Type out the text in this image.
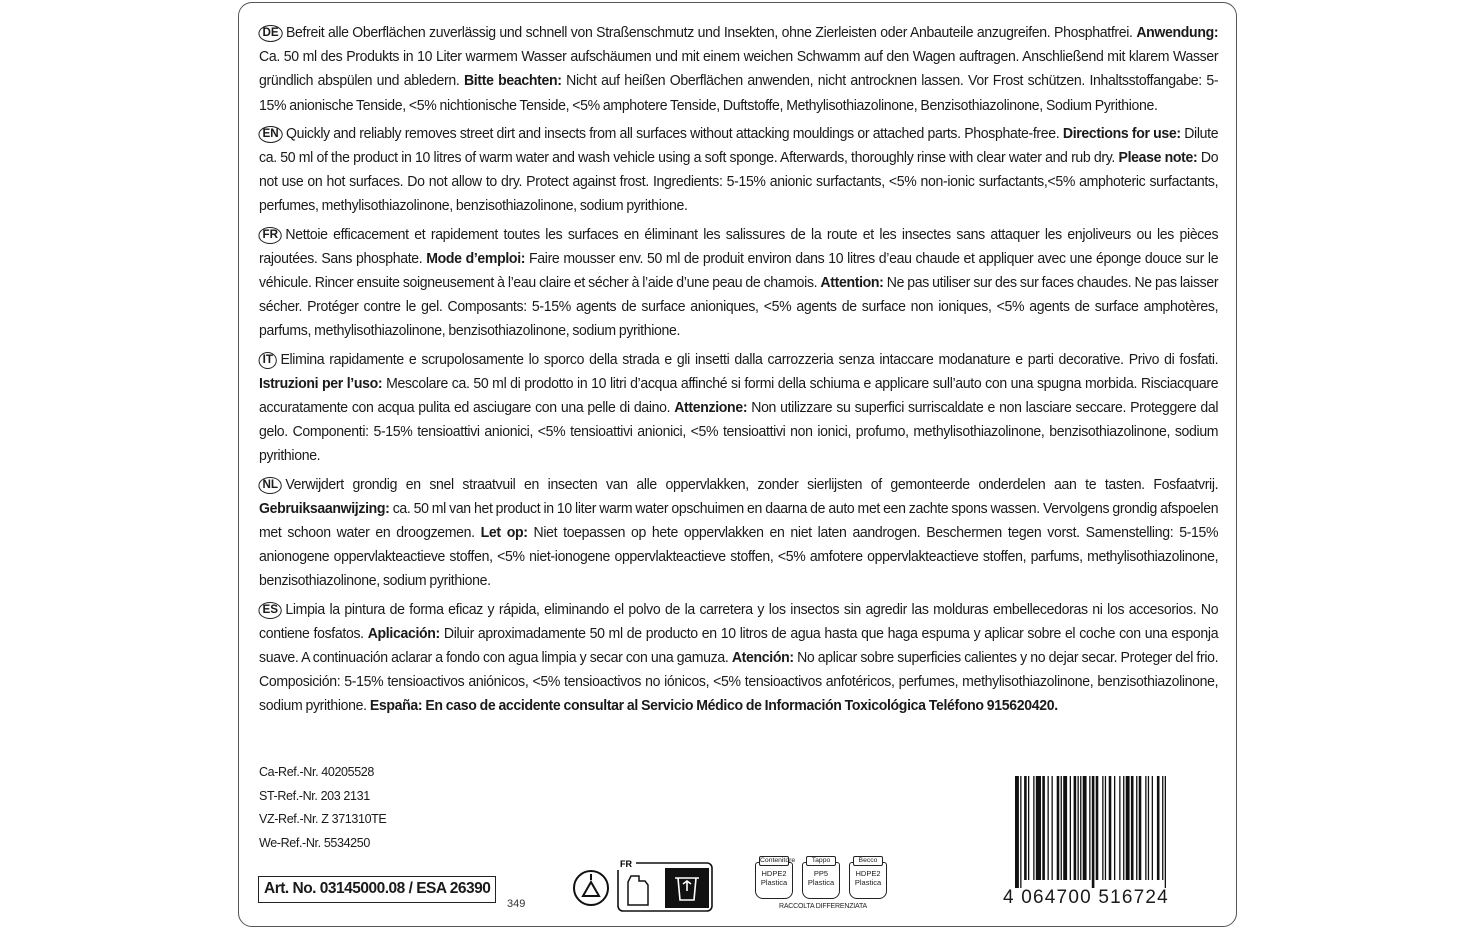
DE Befreit alle Oberflächen zuverlässig und schnell von Straßenschmutz und Insekten, ohne Zierleisten oder Anbauteile anzugreifen. Phosphatfrei. Anwendung: Ca. 50 ml des Produkts in 10 Liter warmem Wasser aufschäumen und mit einem weichen Schwamm auf den Wagen auftragen. Anschließend mit klarem Wasser gründlich abspülen und abledern. Bitte beachten: Nicht auf heißen Oberflächen anwenden, nicht antrocknen lassen. Vor Frost schützen. Inhaltsstoffangabe: 5-15% anionische Tenside, <5% nichtionische Tenside, <5% amphotere Tenside, Duftstoffe, Methylisothiazolinone, Benzisothiazolinone, Sodium Pyrithione.
EN Quickly and reliably removes street dirt and insects from all surfaces without attacking mouldings or attached parts. Phosphate-free. Directions for use: Dilute ca. 50 ml of the product in 10 litres of warm water and wash vehicle using a soft sponge. Afterwards, thoroughly rinse with clear water and rub dry. Please note: Do not use on hot surfaces. Do not allow to dry. Protect against frost. Ingredients: 5-15% anionic surfactants, <5% non-ionic surfactants,<5% amphoteric surfactants, perfumes, methylisothiazolinone, benzisothiazolinone, sodium pyrithione.
FR Nettoie efficacement et rapidement toutes les surfaces en éliminant les salissures de la route et les insectes sans attaquer les enjoliveurs ou les pièces rajoutées. Sans phosphate. Mode d’emploi: Faire mousser env. 50 ml de produit environ dans 10 litres d’eau chaude et appliquer avec une éponge douce sur le véhicule. Rincer ensuite soigneusement à l’eau claire et sécher à l’aide d’une peau de chamois. Attention: Ne pas utiliser sur des sur faces chaudes. Ne pas laisser sécher. Protéger contre le gel. Composants: 5-15% agents de surface anioniques, <5% agents de surface non ioniques, <5% agents de surface amphotères, parfums, methylisothiazolinone, benzisothiazolinone, sodium pyrithione.
IT Elimina rapidamente e scrupolosamente lo sporco della strada e gli insetti dalla carrozzeria senza intaccare modanature e parti decorative. Privo di fosfati. Istruzioni per l’uso: Mescolare ca. 50 ml di prodotto in 10 litri d’acqua affinché si formi della schiuma e applicare sull’auto con una spugna morbida. Risciacquare accuratamente con acqua pulita ed asciugare con una pelle di daino. Attenzione: Non utilizzare su superfici surriscaldate e non lasciare seccare. Proteggere dal gelo. Componenti: 5-15% tensioattivi anionici, <5% tensioattivi anionici, <5% tensioattivi non ionici, profumo, methylisothiazolinone, benzisothiazolinone, sodium pyrithione.
NL Verwijdert grondig en snel straatvuil en insecten van alle oppervlakken, zonder sierlijsten of gemonteerde onderdelen aan te tasten. Fosfaatvrij. Gebruiksaanwijzing: ca. 50 ml van het product in 10 liter warm water opschuimen en daarna de auto met een zachte spons wassen. Vervolgens grondig afspoelen met schoon water en droogzemen. Let op: Niet toepassen op hete oppervlakken en niet laten aandrogen. Beschermen tegen vorst. Samenstelling: 5-15% anionogene oppervlakteactieve stoffen, <5% niet-ionogene oppervlakteactieve stoffen, <5% amfotere oppervlakteactieve stoffen, parfums, methylisothiazolinone, benzisothiazolinone, sodium pyrithione.
ES Limpia la pintura de forma eficaz y rápida, eliminando el polvo de la carretera y los insectos sin agredir las molduras embellecedoras ni los accesorios. No contiene fosfatos. Aplicación: Diluir aproximadamente 50 ml de producto en 10 litros de agua hasta que haga espuma y aplicar sobre el coche con una esponja suave. A continuación aclarar a fondo con agua limpia y secar con una gamuza. Atención: No aplicar sobre superficies calientes y no dejar secar. Proteger del frio. Composición: 5-15% tensioactivos aniónicos, <5% tensioactivos no iónicos, <5% tensioactivos anfotéricos, perfumes, methylisothiazolinone, benzisothiazolinone, sodium pyrithione. España: En caso de accidente consultar al Servicio Médico de Información Toxicológica Teléfono 915620420.
Ca-Ref.-Nr. 40205528
ST-Ref.-Nr. 203 2131
VZ-Ref.-Nr. Z 371310TE
We-Ref.-Nr. 5534250
Art. No. 03145000.08 / ESA 26390
349
FR	Contenitore
HDPE2
Plastica
Tappo
PP5
Plastica
Becco
HDPE2
Plastica
RACCOLTA DIFFERENZIATA	4 064700 516724
